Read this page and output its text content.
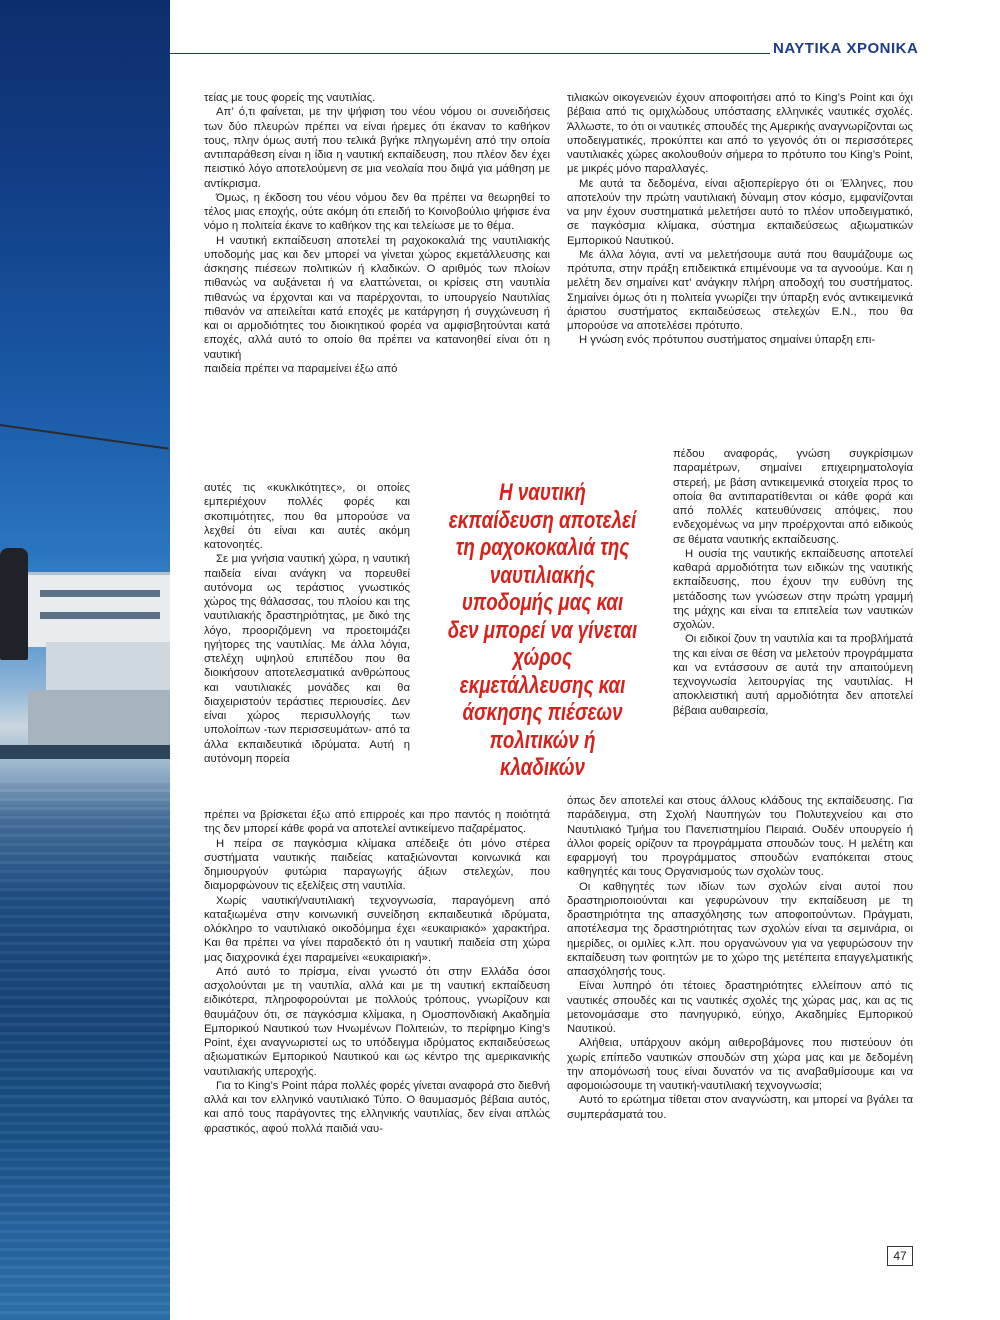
ΝΑΥΤΙΚΑ ΧΡΟΝΙΚΑ

τείας με τους φορείς της ναυτιλίας.

Απ’ ό,τι φαίνεται, με την ψήφιση του νέου νόμου οι συνειδήσεις των δύο πλευρών πρέπει να είναι ήρεμες ότι έκαναν το καθήκον τους, πλην όμως αυτή που τελικά βγήκε πληγωμένη από την οποία αντιπαράθεση είναι η ίδια η ναυτική εκπαίδευση, που πλέον δεν έχει πειστικό λόγο αποτελούμενη σε μια νεολαία που διψά για μάθηση με αντίκρισμα.

Όμως, η έκδοση του νέου νόμου δεν θα πρέπει να θεωρηθεί το τέλος μιας εποχής, ούτε ακόμη ότι επειδή το Κοινοβούλιο ψήφισε ένα νόμο η πολιτεία έκανε το καθήκον της και τελείωσε με το θέμα.

Η ναυτική εκπαίδευση αποτελεί τη ραχοκοκαλιά της ναυτιλιακής υποδομής μας και δεν μπορεί να γίνεται χώρος εκμετάλλευσης και άσκησης πιέσεων πολιτικών ή κλαδικών. Ο αριθμός των πλοίων πιθανώς να αυξάνεται ή να ελαττώνεται, οι κρίσεις στη ναυτιλία πιθανώς να έρχονται και να παρέρχονται, το υπουργείο Ναυτιλίας πιθανόν να απειλείται κατά εποχές με κατάργηση ή συγχώνευση ή και οι αρμοδιότητες του διοικητικού φορέα να αμφισβητούνται κατά εποχές, αλλά αυτό το οποίο θα πρέπει να κατανοηθεί είναι ότι η ναυτική

παιδεία πρέπει να παραμείνει έξω από

αυτές τις «κυκλικότητες», οι οποίες εμπεριέχουν πολλές φορές και σκοπιμότητες, που θα μπορούσε να λεχθεί ότι είναι και αυτές ακόμη κατονοητές.

Σε μια γνήσια ναυτική χώρα, η ναυτική παιδεία είναι ανάγκη να πορευθεί αυτόνομα ως τεράστιος γνωστικός χώρος της θάλασσας, του πλοίου και της ναυτιλιακής δραστηριότητας, με δικό της λόγο, προοριζόμενη να προετοιμάζει ηγήτορες της ναυτιλίας. Με άλλα λόγια, στελέχη υψηλού επιπέδου που θα διοικήσουν αποτελεσματικά ανθρώπους και ναυτιλιακές μονάδες και θα διαχειριστούν τεράστιες περιουσίες. Δεν είναι χώρος περισυλλογής των υπολοίπων -των περισσευμάτων- από τα άλλα εκπαιδευτικά ιδρύματα. Αυτή η αυτόνομη πορεία

πρέπει να βρίσκεται έξω από επιρροές και προ παντός η ποιότητά της δεν μπορεί κάθε φορά να αποτελεί αντικείμενο παζαρέματος.

Η πείρα σε παγκόσμια κλίμακα απέδειξε ότι μόνο στέρεα συστήματα ναυτικής παιδείας καταξιώνονται κοινωνικά και δημιουργούν φυτώρια παραγωγής άξιων στελεχών, που διαμορφώνουν τις εξελίξεις στη ναυτιλία.

Χωρίς ναυτική/ναυτιλιακή τεχνογνωσία, παραγόμενη από καταξιωμένα στην κοινωνική συνείδηση εκπαιδευτικά ιδρύματα, ολόκληρο το ναυτιλιακό οικοδόμημα έχει «ευκαιριακό» χαρακτήρα. Και θα πρέπει να γίνει παραδεκτό ότι η ναυτική παιδεία στη χώρα μας διαχρονικά έχει παραμείνει «ευκαιριακή».

Από αυτό το πρίσμα, είναι γνωστό ότι στην Ελλάδα όσοι ασχολούνται με τη ναυτιλία, αλλά και με τη ναυτική εκπαίδευση ειδικότερα, πληροφορούνται με πολλούς τρόπους, γνωρίζουν και θαυμάζουν ότι, σε παγκόσμια κλίμακα, η Ομοσπονδιακή Ακαδημία Εμπορικού Ναυτικού των Ηνωμένων Πολιτειών, το περίφημο King’s Point, έχει αναγνωριστεί ως το υπόδειγμα ιδρύματος εκπαιδεύσεως αξιωματικών Εμπορικού Ναυτικού και ως κέντρο της αμερικανικής ναυτιλιακής υπεροχής.

Για το King’s Point πάρα πολλές φορές γίνεται αναφορά στο διεθνή αλλά και τον ελληνικό ναυτιλιακό Τύπο. Ο θαυμασμός βέβαια αυτός, και από τους παράγοντες της ελληνικής ναυτιλίας, δεν είναι απλώς φραστικός, αφού πολλά παιδιά ναυ-

Η ναυτική εκπαίδευση αποτελεί τη ραχοκοκαλιά της ναυτιλιακής υποδομής μας και δεν μπορεί να γίνεται χώρος εκμετάλλευσης και άσκησης πιέσεων πολιτικών ή κλαδικών

τιλιακών οικογενειών έχουν αποφοιτήσει από το King’s Point και όχι βέβαια από τις ομιχλώδους υπόστασης ελληνικές ναυτικές σχολές. Άλλωστε, το ότι οι ναυτικές σπουδές της Αμερικής αναγνωρίζονται ως υποδειγματικές, προκύπτει και από το γεγονός ότι οι περισσότερες ναυτιλιακές χώρες ακολουθούν σήμερα το πρότυπο του King’s Point, με μικρές μόνο παραλλαγές.

Με αυτά τα δεδομένα, είναι αξιοπερίεργο ότι οι Έλληνες, που αποτελούν την πρώτη ναυτιλιακή δύναμη στον κόσμο, εμφανίζονται να μην έχουν συστηματικά μελετήσει αυτό το πλέον υποδειγματικό, σε παγκόσμια κλίμακα, σύστημα εκπαιδεύσεως αξιωματικών Εμπορικού Ναυτικού.

Με άλλα λόγια, αντί να μελετήσουμε αυτά που θαυμάζουμε ως πρότυπα, στην πράξη επιδεικτικά επιμένουμε να τα αγνοούμε. Και η μελέτη δεν σημαίνει κατ’ ανάγκην πλήρη αποδοχή του συστήματος. Σημαίνει όμως ότι η πολιτεία γνωρίζει την ύπαρξη ενός αντικειμενικά άριστου συστήματος εκπαιδεύσεως στελεχών Ε.Ν., που θα μπορούσε να αποτελέσει πρότυπο.

Η γνώση ενός πρότυπου συστήματος σημαίνει ύπαρξη επι-

πέδου αναφοράς, γνώση συγκρίσιμων παραμέτρων, σημαίνει επιχειρηματολογία στερεή, με βάση αντικειμενικά στοιχεία προς το οποία θα αντιπαρατίθενται οι κάθε φορά και από πολλές κατευθύνσεις απόψεις, που ενδεχομένως να μην προέρχονται από ειδικούς σε θέματα ναυτικής εκπαίδευσης.

Η ουσία της ναυτικής εκπαίδευσης αποτελεί καθαρά αρμοδιότητα των ειδικών της ναυτικής εκπαίδευσης, που έχουν την ευθύνη της μετάδοσης των γνώσεων στην πρώτη γραμμή της μάχης και είναι τα επιτελεία των ναυτικών σχολών.

Οι ειδικοί ζουν τη ναυτιλία και τα προβλήματά της και είναι σε θέση να μελετούν προγράμματα και να εντάσσουν σε αυτά την απαιτούμενη τεχνογνωσία λειτουργίας της ναυτιλίας. Η αποκλειστική αυτή αρμοδιότητα δεν αποτελεί βέβαια αυθαιρεσία,

όπως δεν αποτελεί και στους άλλους κλάδους της εκπαίδευσης. Για παράδειγμα, στη Σχολή Ναυπηγών του Πολυτεχνείου και στο Ναυτιλιακό Τμήμα του Πανεπιστημίου Πειραιά. Ουδέν υπουργείο ή άλλοι φορείς ορίζουν τα προγράμματα σπουδών τους. Η μελέτη και εφαρμογή του προγράμματος σπουδών εναπόκειται στους καθηγητές και τους Οργανισμούς των σχολών τους.

Οι καθηγητές των ιδίων των σχολών είναι αυτοί που δραστηριοποιούνται και γεφυρώνουν την εκπαίδευση με τη δραστηριότητα της απασχόλησης των αποφοιτούντων. Πράγματι, αποτέλεσμα της δραστηριότητας των σχολών είναι τα σεμινάρια, οι ημερίδες, οι ομιλίες κ.λπ. που οργανώνουν για να γεφυρώσουν την εκπαίδευση των φοιτητών με το χώρο της μετέπειτα επαγγελματικής απασχόλησής τους.

Είναι λυπηρό ότι τέτοιες δραστηριότητες ελλείπουν από τις ναυτικές σπουδές και τις ναυτικές σχολές της χώρας μας, και ας τις μετονομάσαμε στο πανηγυρικό, εύηχο, Ακαδημίες Εμπορικού Ναυτικού.

Αλήθεια, υπάρχουν ακόμη αιθεροβάμονες που πιστεύουν ότι χωρίς επίπεδο ναυτικών σπουδών στη χώρα μας και με δεδομένη την απομόνωσή τους είναι δυνατόν να τις αναβαθμίσουμε και να αφομοιώσουμε τη ναυτική-ναυτιλιακή τεχνογνωσία;

Αυτό το ερώτημα τίθεται στον αναγνώστη, και μπορεί να βγάλει τα συμπεράσματά του.

47
